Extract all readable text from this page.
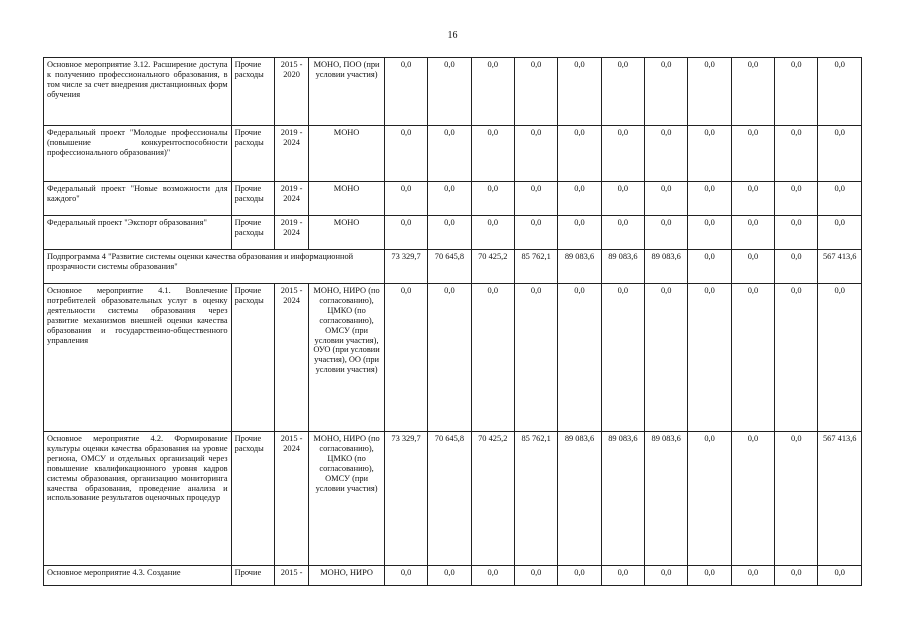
16
Основное мероприятие 3.12. Расширение доступа к получению профессионального образования, в том числе за счет внедрения дистанционных форм обучения	Прочие расходы	2015 - 2020	МОНО, ПОО (при условии участия)	0,0	0,0	0,0	0,0	0,0	0,0	0,0	0,0	0,0	0,0	0,0
Федеральный проект "Молодые профессионалы (повышение конкурентоспособности профессионального образования)"	Прочие расходы	2019 - 2024	МОНО	0,0	0,0	0,0	0,0	0,0	0,0	0,0	0,0	0,0	0,0	0,0
Федеральный проект "Новые возможности для каждого"	Прочие расходы	2019 - 2024	МОНО	0,0	0,0	0,0	0,0	0,0	0,0	0,0	0,0	0,0	0,0	0,0
Федеральный проект "Экспорт образования"	Прочие расходы	2019 - 2024	МОНО	0,0	0,0	0,0	0,0	0,0	0,0	0,0	0,0	0,0	0,0	0,0
Подпрограмма 4 "Развитие системы оценки качества образования и информационной прозрачности системы образования"				73 329,7	70 645,8	70 425,2	85 762,1	89 083,6	89 083,6	89 083,6	0,0	0,0	0,0	567 413,6
Основное мероприятие 4.1. Вовлечение потребителей образовательных услуг в оценку деятельности системы образования через развитие механизмов внешней оценки качества образования и государственно-общественного управления	Прочие расходы	2015 - 2024	МОНО, НИРО (по согласованию), ЦМКО (по согласованию), ОМСУ (при условии участия), ОУО (при условии участия), ОО (при условии участия)	0,0	0,0	0,0	0,0	0,0	0,0	0,0	0,0	0,0	0,0	0,0
Основное мероприятие 4.2. Формирование культуры оценки качества образования на уровне региона, ОМСУ и отдельных организаций через повышение квалификационного уровня кадров системы образования, организацию мониторинга качества образования, проведение анализа и использование результатов оценочных процедур	Прочие расходы	2015 - 2024	МОНО, НИРО (по согласованию), ЦМКО (по согласованию), ОМСУ (при условии участия)	73 329,7	70 645,8	70 425,2	85 762,1	89 083,6	89 083,6	89 083,6	0,0	0,0	0,0	567 413,6
Основное мероприятие 4.3. Создание	Прочие	2015 -	МОНО, НИРО	0,0	0,0	0,0	0,0	0,0	0,0	0,0	0,0	0,0	0,0	0,0
